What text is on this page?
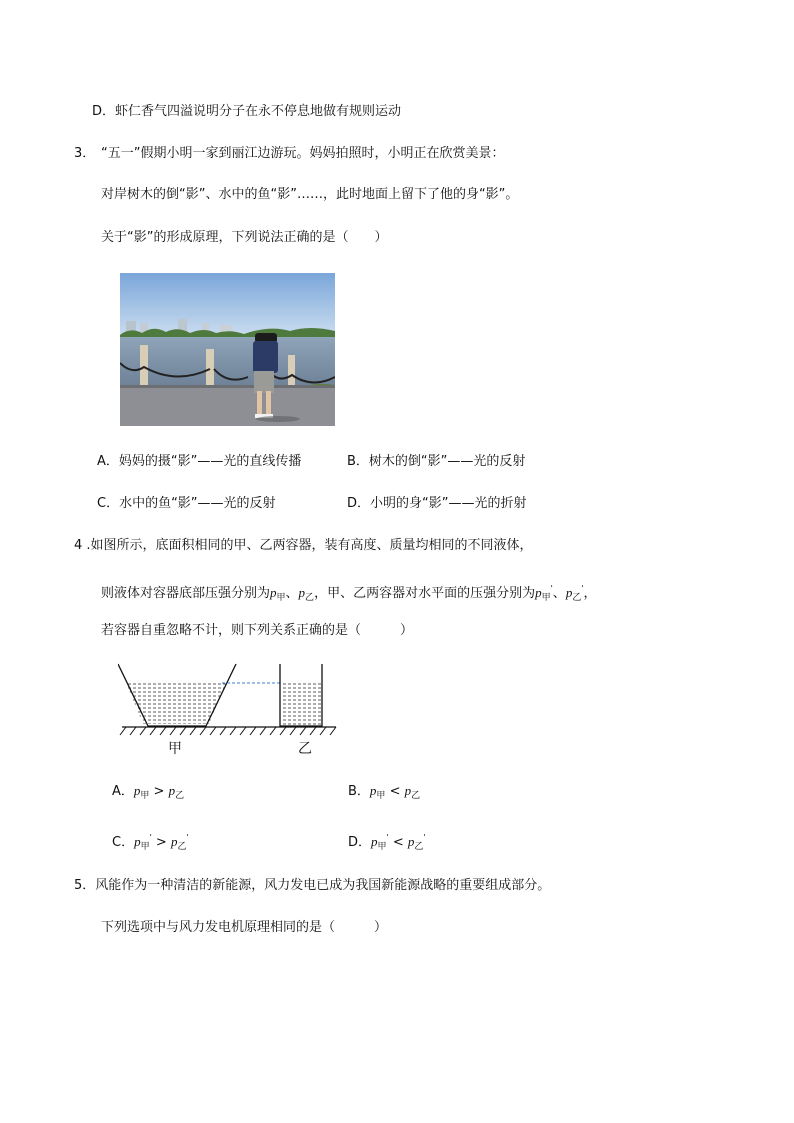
D．虾仁香气四溢说明分子在永不停息地做有规则运动
3． “五一”假期小明一家到丽江边游玩。妈妈拍照时，小明正在欣赏美景：
对岸树木的倒“影”、水中的鱼“影”……，此时地面上留下了他的身“影”。
关于“影”的形成原理，下列说法正确的是（　　）
A．妈妈的摄“影”——光的直线传播	B．树木的倒“影”——光的反射
C．水中的鱼“影”——光的反射	D．小明的身“影”——光的折射
4 .如图所示，底面积相同的甲、乙两容器，装有高度、质量均相同的不同液体，
则液体对容器底部压强分别为$p_甲$、$p_乙$，甲、乙两容器对水平面的压强分别为$p_甲'$、$p_乙'$，
若容器自重忽略不计，则下列关系正确的是（　　　）
甲	乙
A．$p_甲 > p_乙$	B．$p_甲 < p_乙$
C．$p_甲' > p_乙'$	D．$p_甲' < p_乙'$
5．风能作为一种清洁的新能源，风力发电已成为我国新能源战略的重要组成部分。
下列选项中与风力发电机原理相同的是（　　　）
